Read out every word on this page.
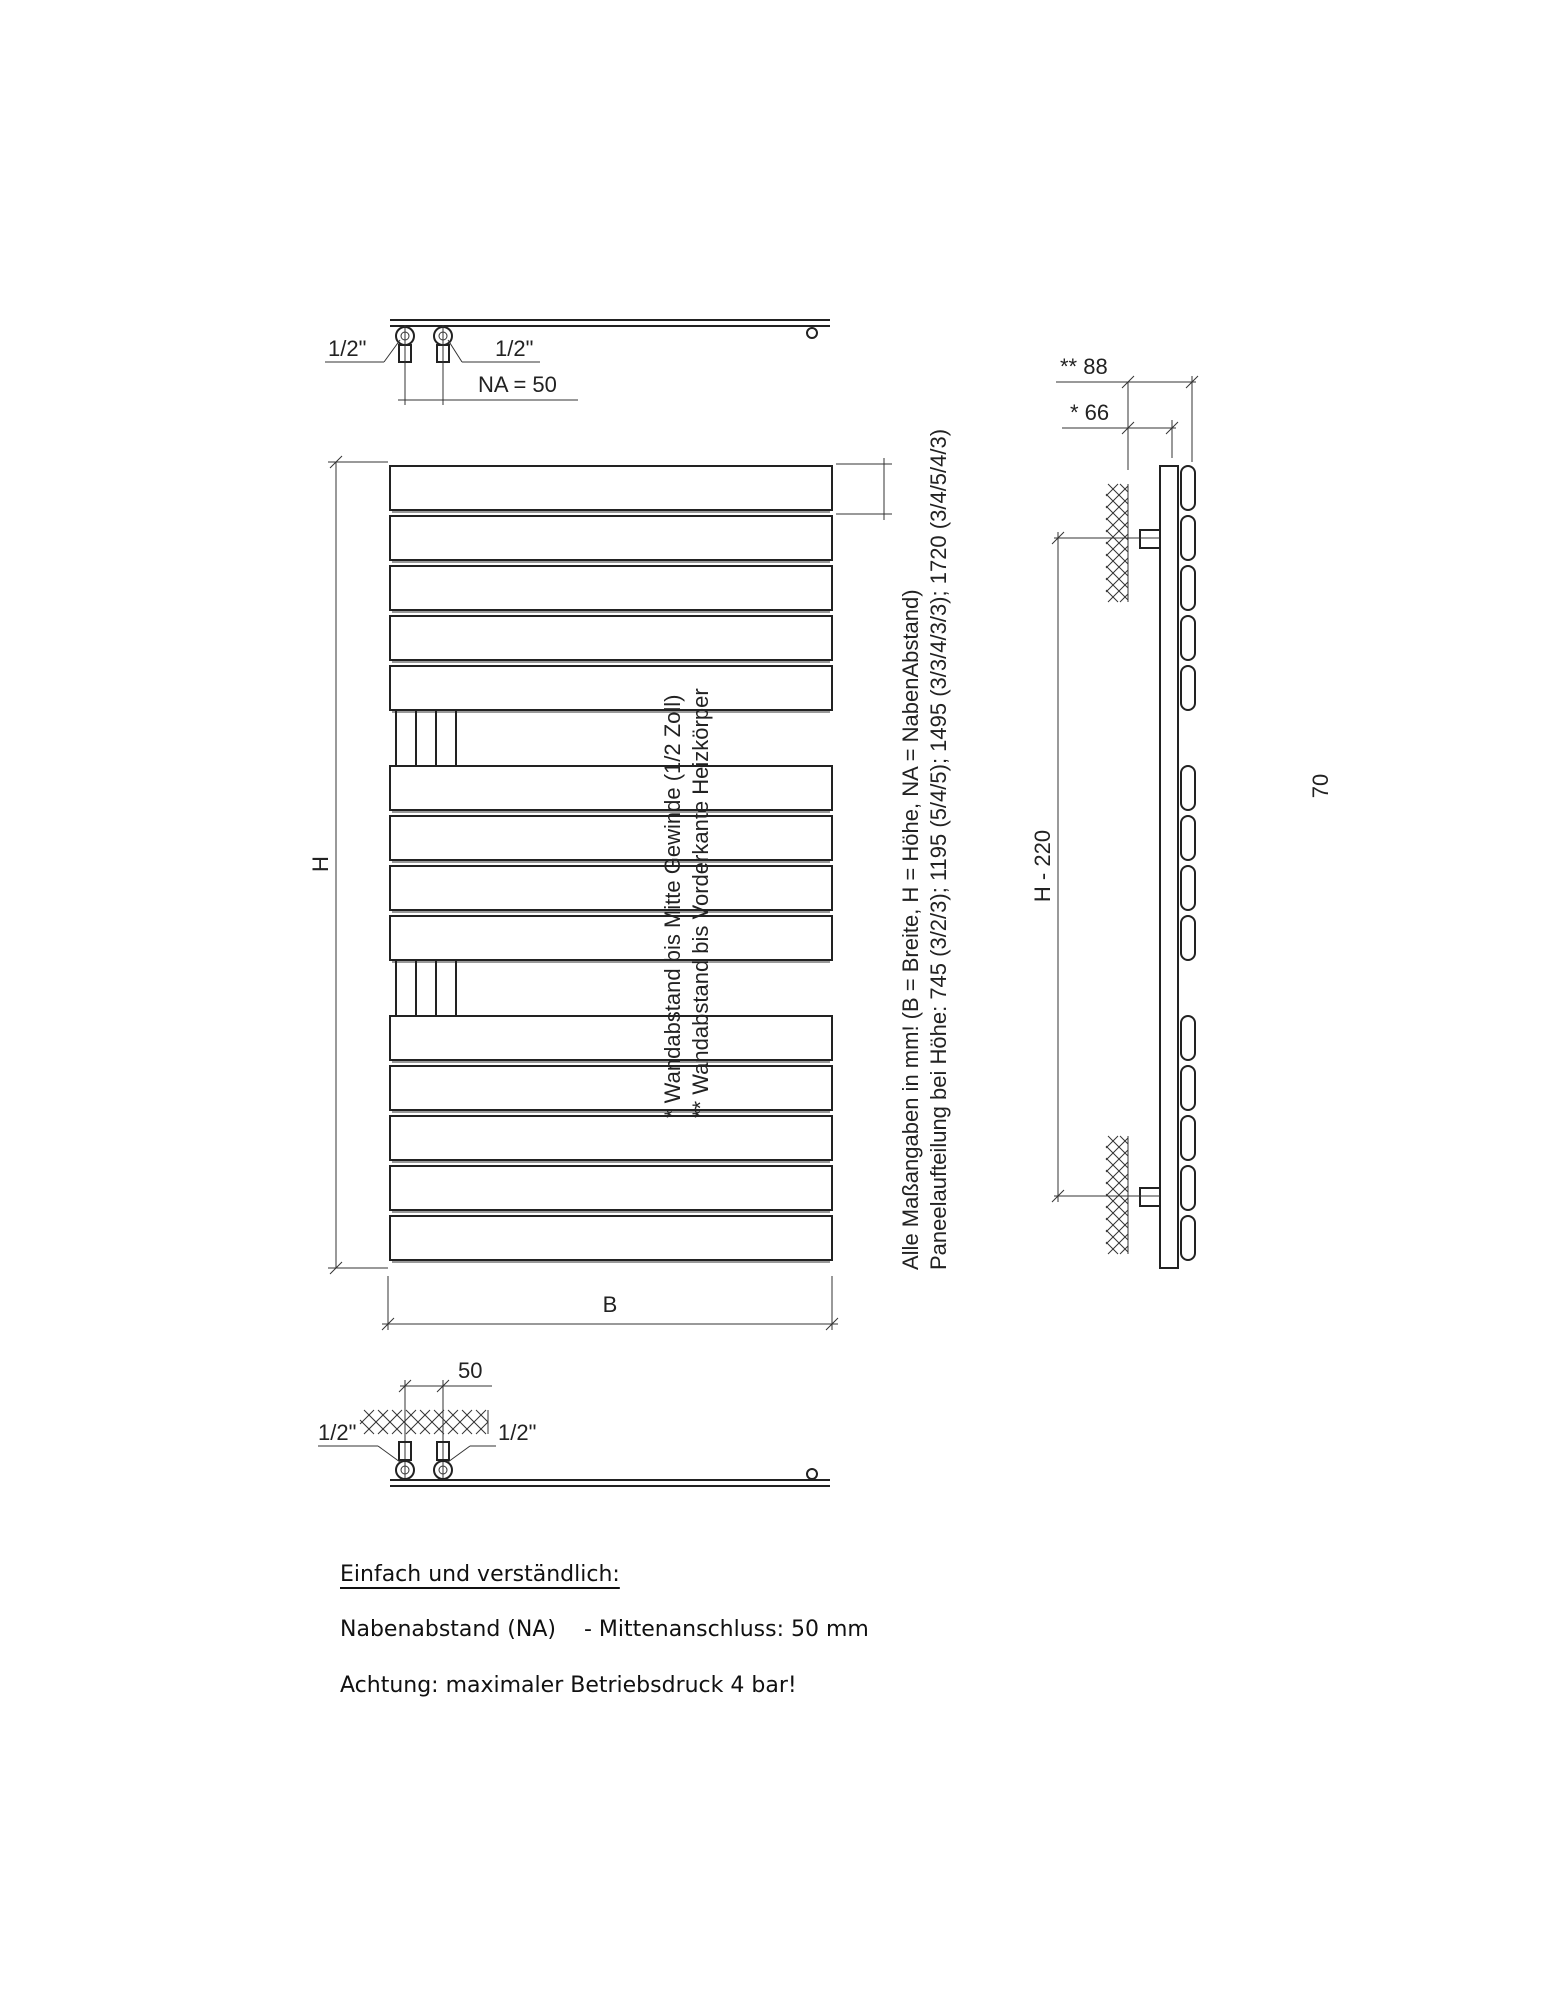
1/2"	1/2"
NA = 50
H
B
* Wandabstand bis Mitte Gewinde (1/2 Zoll) ** Wandabstand bis Vorderkante Heizkörper	Alle Maßangaben in mm! (B = Breite, H = Höhe, NA = NabenAbstand) Paneelaufteilung bei Höhe: 745 (3/2/3); 1195 (5/4/5); 1495 (3/3/4/3/3); 1720 (3/4/5/4/3)
** 88
* 66
H - 220
70
50
1/2"	1/2"
Einfach und verständlich:
Nabenabstand (NA)    - Mittenanschluss: 50 mm
Achtung: maximaler Betriebsdruck 4 bar!
